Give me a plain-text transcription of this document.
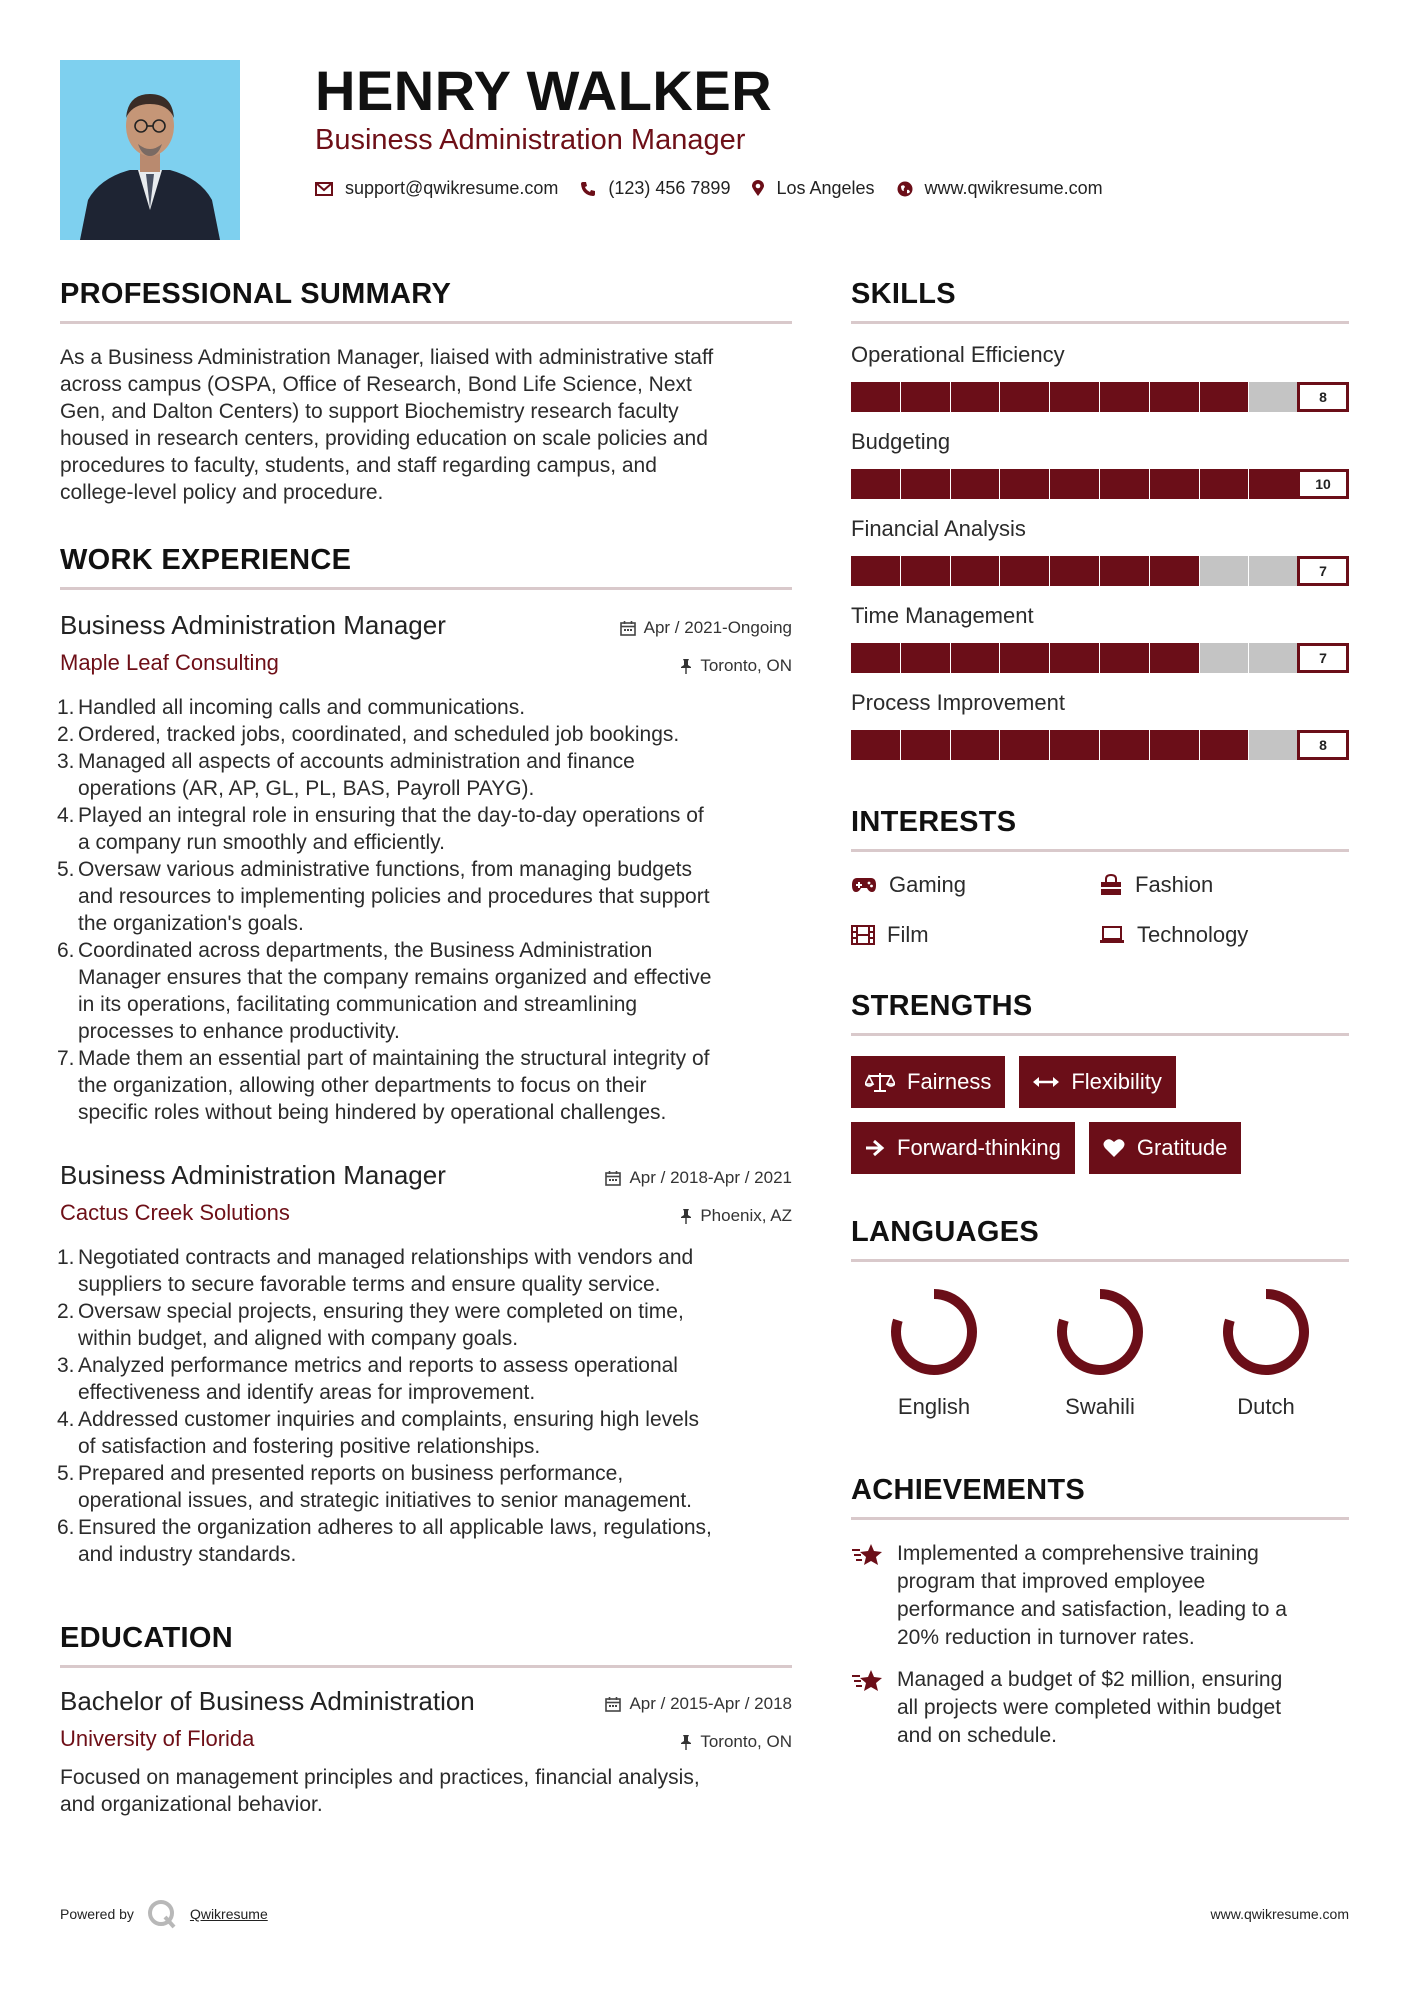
HENRY WALKER
Business Administration Manager
support@qwikresume.com	(123) 456 7899	Los Angeles	www.qwikresume.com
PROFESSIONAL SUMMARY
As a Business Administration Manager, liaised with administrative staff
across campus (OSPA, Office of Research, Bond Life Science, Next
Gen, and Dalton Centers) to support Biochemistry research faculty
housed in research centers, providing education on scale policies and
procedures to faculty, students, and staff regarding campus, and
college-level policy and procedure.
WORK EXPERIENCE
Business Administration Manager	Apr / 2021-Ongoing
Maple Leaf Consulting	Toronto, ON
1. Handled all incoming calls and communications.
2. Ordered, tracked jobs, coordinated, and scheduled job bookings.
3. Managed all aspects of accounts administration and finance
operations (AR, AP, GL, PL, BAS, Payroll PAYG).
4. Played an integral role in ensuring that the day-to-day operations of
a company run smoothly and efficiently.
5. Oversaw various administrative functions, from managing budgets
and resources to implementing policies and procedures that support
the organization's goals.
6. Coordinated across departments, the Business Administration
Manager ensures that the company remains organized and effective
in its operations, facilitating communication and streamlining
processes to enhance productivity.
7. Made them an essential part of maintaining the structural integrity of
the organization, allowing other departments to focus on their
specific roles without being hindered by operational challenges.
Business Administration Manager	Apr / 2018-Apr / 2021
Cactus Creek Solutions	Phoenix, AZ
1. Negotiated contracts and managed relationships with vendors and
suppliers to secure favorable terms and ensure quality service.
2. Oversaw special projects, ensuring they were completed on time,
within budget, and aligned with company goals.
3. Analyzed performance metrics and reports to assess operational
effectiveness and identify areas for improvement.
4. Addressed customer inquiries and complaints, ensuring high levels
of satisfaction and fostering positive relationships.
5. Prepared and presented reports on business performance,
operational issues, and strategic initiatives to senior management.
6. Ensured the organization adheres to all applicable laws, regulations,
and industry standards.
EDUCATION
Bachelor of Business Administration	Apr / 2015-Apr / 2018
University of Florida	Toronto, ON
Focused on management principles and practices, financial analysis,
and organizational behavior.
SKILLS
Operational Efficiency
8
Budgeting
10
Financial Analysis
7
Time Management
7
Process Improvement
8
INTERESTS
Gaming	Fashion
Film	Technology
STRENGTHS
Fairness	Flexibility
Forward-thinking	Gratitude
LANGUAGES
English	Swahili	Dutch
ACHIEVEMENTS
Implemented a comprehensive training
program that improved employee
performance and satisfaction, leading to a
20% reduction in turnover rates.
Managed a budget of $2 million, ensuring
all projects were completed within budget
and on schedule.
Powered by	Qwikresume	www.qwikresume.com
